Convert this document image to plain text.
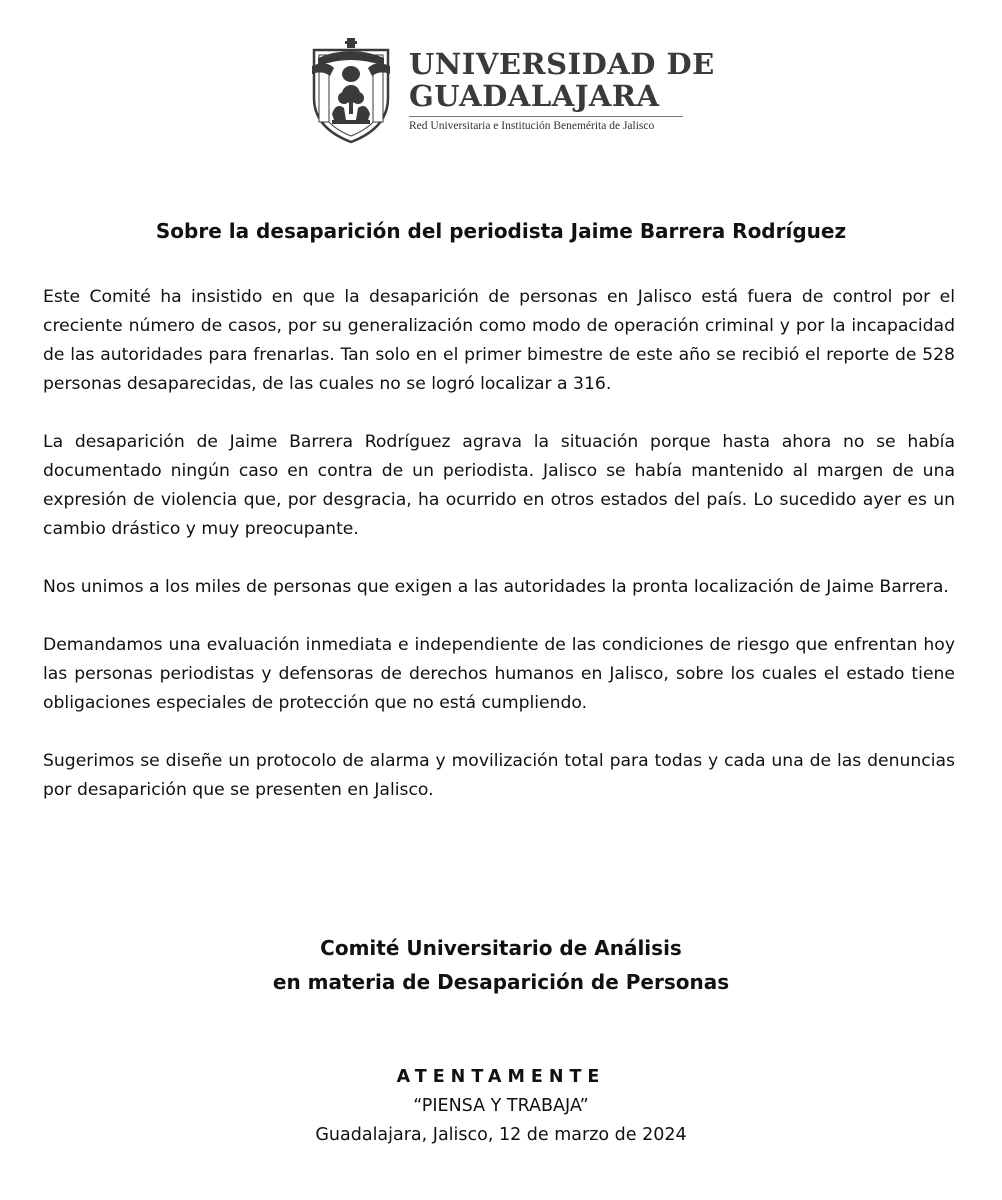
UNIVERSIDAD DE
GUADALAJARA
Red Universitaria e Institución Benemérita de Jalisco
Sobre la desaparición del periodista Jaime Barrera Rodríguez

Este Comité ha insistido en que la desaparición de personas en Jalisco está fuera de control por el creciente número de casos, por su generalización como modo de operación criminal y por la incapacidad de las autoridades para frenarlas. Tan solo en el primer bimestre de este año se recibió el reporte de 528 personas desaparecidas, de las cuales no se logró localizar a 316.

La desaparición de Jaime Barrera Rodríguez agrava la situación porque hasta ahora no se había documentado ningún caso en contra de un periodista. Jalisco se había mantenido al margen de una expresión de violencia que, por desgracia, ha ocurrido en otros estados del país. Lo sucedido ayer es un cambio drástico y muy preocupante.

Nos unimos a los miles de personas que exigen a las autoridades la pronta localización de Jaime Barrera.

Demandamos una evaluación inmediata e independiente de las condiciones de riesgo que enfrentan hoy las personas periodistas y defensoras de derechos humanos en Jalisco, sobre los cuales el estado tiene obligaciones especiales de protección que no está cumpliendo.

Sugerimos se diseñe un protocolo de alarma y movilización total para todas y cada una de las denuncias por desaparición que se presenten en Jalisco.

Comité Universitario de Análisis
en materia de Desaparición de Personas
ATENTAMENTE
“PIENSA Y TRABAJA”
Guadalajara, Jalisco, 12 de marzo de 2024
